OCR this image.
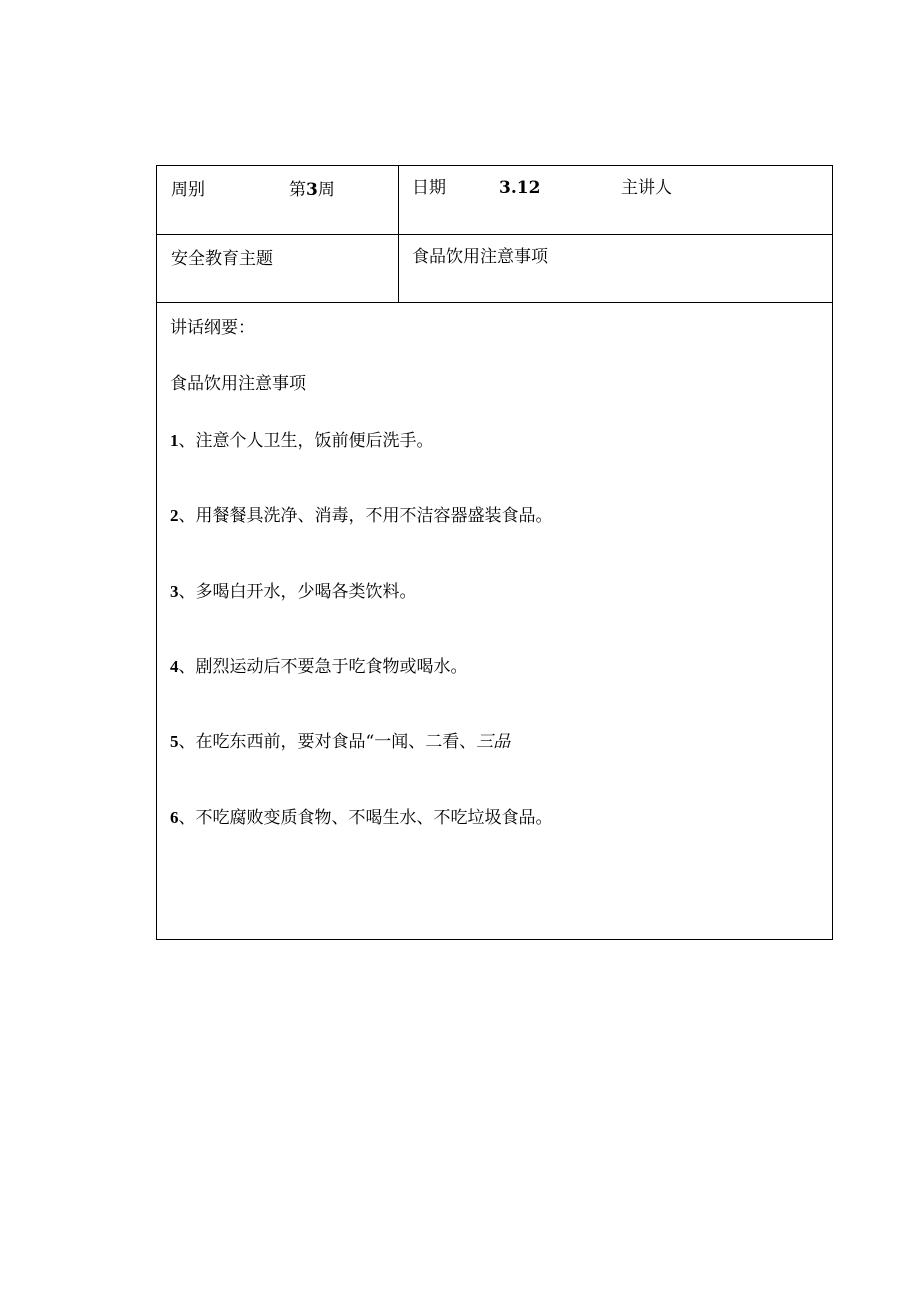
周别	第3周	日期	3.12	主讲人
安全教育主题	食品饮用注意事项
讲话纲要：
食品饮用注意事项
1、注意个人卫生，饭前便后洗手。
2、用餐餐具洗净、消毒，不用不洁容器盛装食品。
3、多喝白开水，少喝各类饮料。
4、剧烈运动后不要急于吃食物或喝水。
5、在吃东西前，要对食品“一闻、二看、三品
6、不吃腐败变质食物、不喝生水、不吃垃圾食品。
